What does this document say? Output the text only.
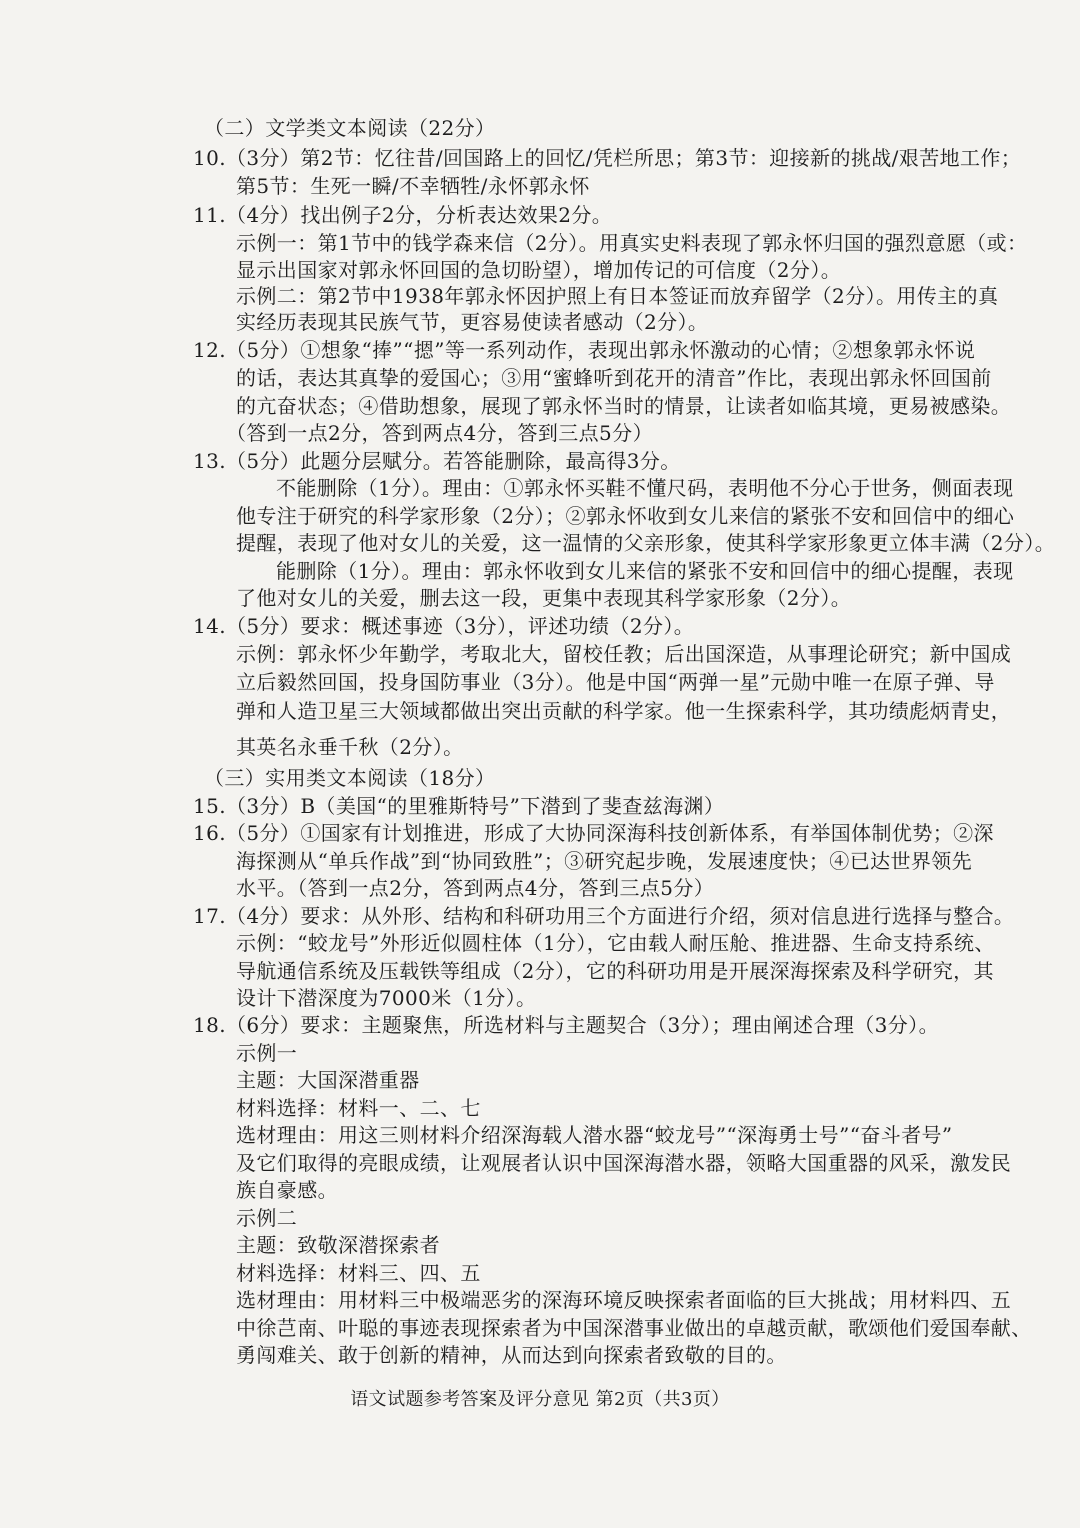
（二）文学类文本阅读（22分）
10.（3分）第2节：忆往昔/回国路上的回忆/凭栏所思；第3节：迎接新的挑战/艰苦地工作；
第5节：生死一瞬/不幸牺牲/永怀郭永怀
11.（4分）找出例子2分，分析表达效果2分。
示例一：第1节中的钱学森来信（2分）。用真实史料表现了郭永怀归国的强烈意愿（或：
显示出国家对郭永怀回国的急切盼望），增加传记的可信度（2分）。
示例二：第2节中1938年郭永怀因护照上有日本签证而放弃留学（2分）。用传主的真
实经历表现其民族气节，更容易使读者感动（2分）。
12.（5分）①想象“捧”“摁”等一系列动作，表现出郭永怀激动的心情；②想象郭永怀说
的话，表达其真挚的爱国心；③用“蜜蜂听到花开的清音”作比，表现出郭永怀回国前
的亢奋状态；④借助想象，展现了郭永怀当时的情景，让读者如临其境，更易被感染。
（答到一点2分，答到两点4分，答到三点5分）
13.（5分）此题分层赋分。若答能删除，最高得3分。
不能删除（1分）。理由：①郭永怀买鞋不懂尺码，表明他不分心于世务，侧面表现
他专注于研究的科学家形象（2分）；②郭永怀收到女儿来信的紧张不安和回信中的细心
提醒，表现了他对女儿的关爱，这一温情的父亲形象，使其科学家形象更立体丰满（2分）。
能删除（1分）。理由：郭永怀收到女儿来信的紧张不安和回信中的细心提醒，表现
了他对女儿的关爱，删去这一段，更集中表现其科学家形象（2分）。
14.（5分）要求：概述事迹（3分），评述功绩（2分）。
示例：郭永怀少年勤学，考取北大，留校任教；后出国深造，从事理论研究；新中国成
立后毅然回国，投身国防事业（3分）。他是中国“两弹一星”元勋中唯一在原子弹、导
弹和人造卫星三大领域都做出突出贡献的科学家。他一生探索科学，其功绩彪炳青史，
其英名永垂千秋（2分）。
（三）实用类文本阅读（18分）
15.（3分）B（美国“的里雅斯特号”下潜到了斐查兹海渊）
16.（5分）①国家有计划推进，形成了大协同深海科技创新体系，有举国体制优势；②深
海探测从“单兵作战”到“协同致胜”；③研究起步晚，发展速度快；④已达世界领先
水平。（答到一点2分，答到两点4分，答到三点5分）
17.（4分）要求：从外形、结构和科研功用三个方面进行介绍，须对信息进行选择与整合。
示例：“蛟龙号”外形近似圆柱体（1分），它由载人耐压舱、推进器、生命支持系统、
导航通信系统及压载铁等组成（2分），它的科研功用是开展深海探索及科学研究，其
设计下潜深度为7000米（1分）。
18.（6分）要求：主题聚焦，所选材料与主题契合（3分）；理由阐述合理（3分）。
示例一
主题：大国深潜重器
材料选择：材料一、二、七
选材理由：用这三则材料介绍深海载人潜水器“蛟龙号”“深海勇士号”“奋斗者号”
及它们取得的亮眼成绩，让观展者认识中国深海潜水器，领略大国重器的风采，激发民
族自豪感。
示例二
主题：致敬深潜探索者
材料选择：材料三、四、五
选材理由：用材料三中极端恶劣的深海环境反映探索者面临的巨大挑战；用材料四、五
中徐芑南、叶聪的事迹表现探索者为中国深潜事业做出的卓越贡献，歌颂他们爱国奉献、
勇闯难关、敢于创新的精神，从而达到向探索者致敬的目的。
语文试题参考答案及评分意见 第2页（共3页）
